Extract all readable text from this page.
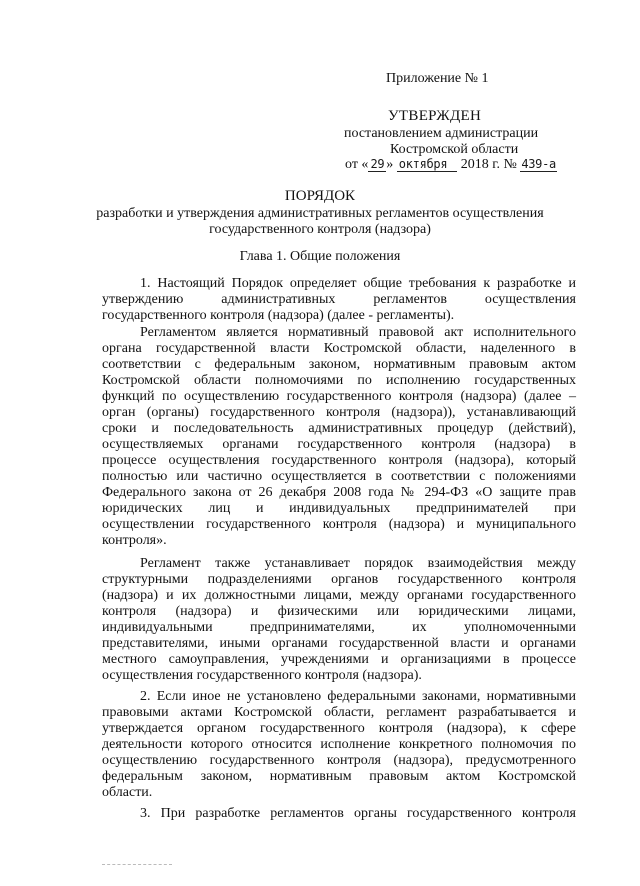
Приложение № 1
УТВЕРЖДЕН
постановлением администрации
Костромской области
от « 29 » октября 2018 г. № 439-а
ПОРЯДОК
разработки и утверждения административных регламентов осуществления
государственного контроля (надзора)
Глава 1. Общие положения
1. Настоящий Порядок определяет общие требования к разработке и
утверждению административных регламентов осуществления
государственного контроля (надзора) (далее - регламенты).
Регламентом является нормативный правовой акт исполнительного
органа государственной власти Костромской области, наделенного в
соответствии с федеральным законом, нормативным правовым актом
Костромской области полномочиями по исполнению государственных
функций по осуществлению государственного контроля (надзора) (далее –
орган (органы) государственного контроля (надзора)), устанавливающий
сроки и последовательность административных процедур (действий),
осуществляемых органами государственного контроля (надзора) в
процессе осуществления государственного контроля (надзора), который
полностью или частично осуществляется в соответствии с положениями
Федерального закона от 26 декабря 2008 года № 294-ФЗ «О защите прав
юридических лиц и индивидуальных предпринимателей при
осуществлении государственного контроля (надзора) и муниципального
контроля».
Регламент также устанавливает порядок взаимодействия между
структурными подразделениями органов государственного контроля
(надзора) и их должностными лицами, между органами государственного
контроля (надзора) и физическими или юридическими лицами,
индивидуальными предпринимателями, их уполномоченными
представителями, иными органами государственной власти и органами
местного самоуправления, учреждениями и организациями в процессе
осуществления государственного контроля (надзора).
2. Если иное не установлено федеральными законами, нормативными
правовыми актами Костромской области, регламент разрабатывается и
утверждается органом государственного контроля (надзора), к сфере
деятельности которого относится исполнение конкретного полномочия по
осуществлению государственного контроля (надзора), предусмотренного
федеральным законом, нормативным правовым актом Костромской
области.
3. При разработке регламентов органы государственного контроля
